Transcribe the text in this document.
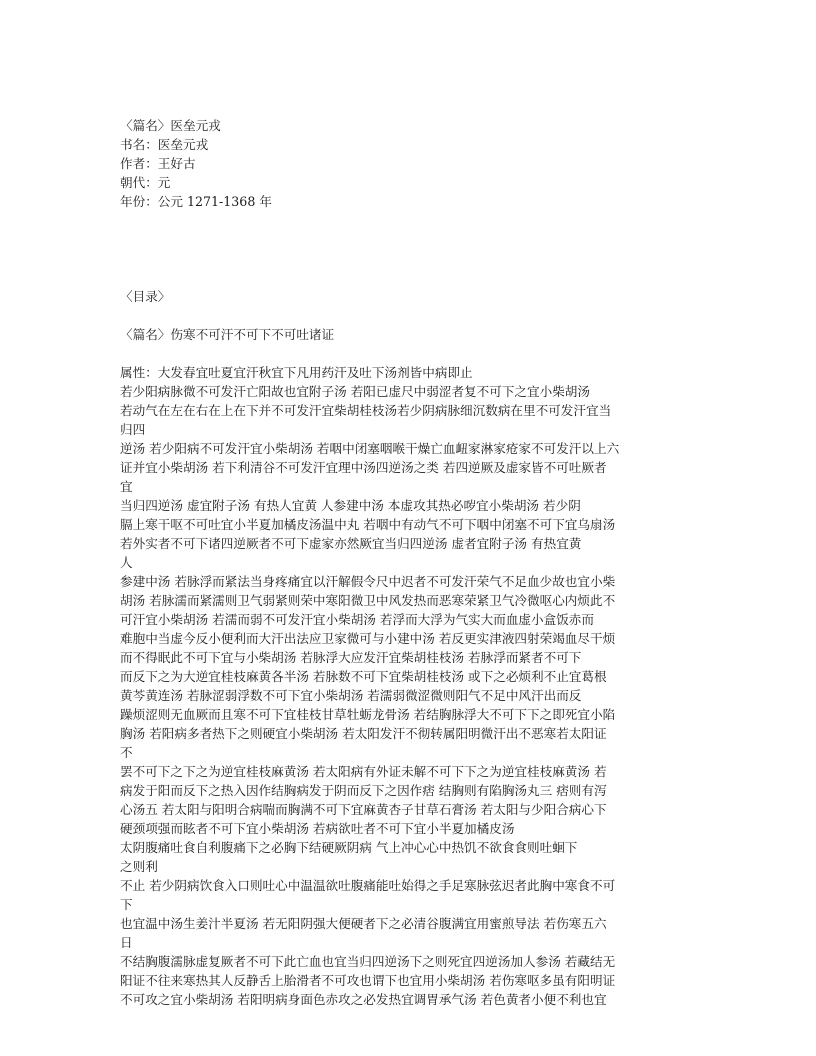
〈篇名〉医垒元戎
书名：医垒元戎
作者：王好古
朝代：元
年份：公元 1271-1368 年
〈目录〉
〈篇名〉伤寒不可汗不可下不可吐诸证
属性：大发春宜吐夏宜汗秋宜下凡用药汗及吐下汤剂皆中病即止
若少阳病脉微不可发汗亡阳故也宜附子汤 若阳已虚尺中弱涩者复不可下之宜小柴胡汤
若动气在左在右在上在下并不可发汗宜柴胡桂枝汤若少阴病脉细沉数病在里不可发汗宜当
归四
逆汤 若少阳病不可发汗宜小柴胡汤 若咽中闭塞咽喉干燥亡血衄家淋家疮家不可发汗以上六
证并宜小柴胡汤 若下利清谷不可发汗宜理中汤四逆汤之类 若四逆厥及虚家皆不可吐厥者
宜
当归四逆汤 虚宜附子汤 有热人宜黄 人参建中汤 本虚攻其热必哕宜小柴胡汤 若少阴
膈上寒干呕不可吐宜小半夏加橘皮汤温中丸 若咽中有动气不可下咽中闭塞不可下宜乌扇汤
若外实者不可下诸四逆厥者不可下虚家亦然厥宜当归四逆汤 虚者宜附子汤 有热宜黄
人
参建中汤 若脉浮而紧法当身疼痛宜以汗解假令尺中迟者不可发汗荣气不足血少故也宜小柴
胡汤 若脉濡而紧濡则卫气弱紧则荣中寒阳微卫中风发热而恶寒荣紧卫气冷微呕心内烦此不
可汗宜小柴胡汤 若濡而弱不可发汗宜小柴胡汤 若浮而大浮为气实大而血虚小盒饭赤而
难胞中当虚今反小便利而大汗出法应卫家微可与小建中汤 若反更实津液四射荣竭血尽干烦
而不得眠此不可下宜与小柴胡汤 若脉浮大应发汗宜柴胡桂枝汤 若脉浮而紧者不可下
而反下之为大逆宜桂枝麻黄各半汤 若脉数不可下宜柴胡桂枝汤 或下之必烦利不止宜葛根
黄芩黄连汤 若脉涩弱浮数不可下宜小柴胡汤 若濡弱微涩微则阳气不足中风汗出而反
躁烦涩则无血厥而且寒不可下宜桂枝甘草牡蛎龙骨汤 若结胸脉浮大不可下下之即死宜小陷
胸汤 若阳病多者热下之则硬宜小柴胡汤 若太阳发汗不彻转属阳明微汗出不恶寒若太阳证
不
罢不可下之下之为逆宜桂枝麻黄汤 若太阳病有外证未解不可下下之为逆宜桂枝麻黄汤 若
病发于阳而反下之热入因作结胸病发于阴而反下之因作痞 结胸则有陷胸汤丸三 痞则有泻
心汤五 若太阳与阳明合病喘而胸满不可下宜麻黄杏子甘草石膏汤 若太阳与少阳合病心下
硬颈项强而眩者不可下宜小柴胡汤 若病欲吐者不可下宜小半夏加橘皮汤
太阴腹痛吐食自利腹痛下之必胸下结硬厥阴病 气上冲心心中热饥不欲食食则吐蛔下
之则利
不止 若少阴病饮食入口则吐心中温温欲吐腹痛能吐始得之手足寒脉弦迟者此胸中寒食不可
下
也宜温中汤生姜汁半夏汤 若无阳阴强大便硬者下之必清谷腹满宜用蜜煎导法 若伤寒五六
日
不结胸腹濡脉虚复厥者不可下此亡血也宜当归四逆汤下之则死宜四逆汤加人参汤 若藏结无
阳证不往来寒热其人反静舌上胎滑者不可攻也谓下也宜用小柴胡汤 若伤寒呕多虽有阳明证
不可攻之宜小柴胡汤 若阳明病身面色赤攻之必发热宜调胃承气汤 若色黄者小便不利也宜
